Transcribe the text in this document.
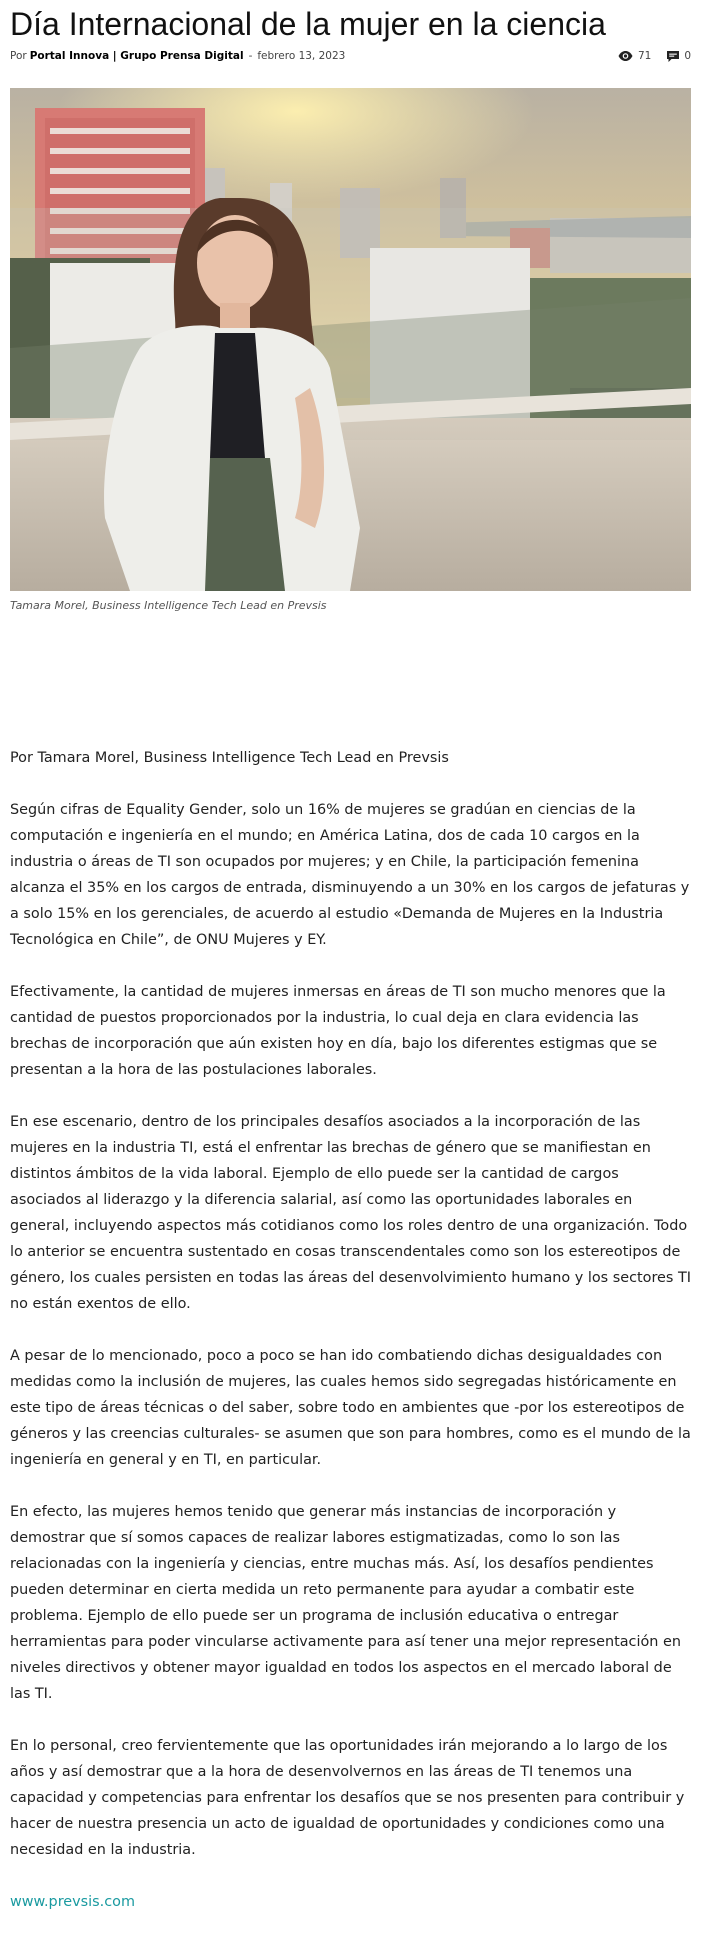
Día Internacional de la mujer en la ciencia
Por Portal Innova | Grupo Prensa Digital - febrero 13, 2023	71	0
Tamara Morel, Business Intelligence Tech Lead en Prevsis

Por Tamara Morel, Business Intelligence Tech Lead en Prevsis

Según cifras de Equality Gender, solo un 16% de mujeres se gradúan en ciencias de la computación e ingeniería en el mundo; en América Latina, dos de cada 10 cargos en la industria o áreas de TI son ocupados por mujeres; y en Chile, la participación femenina alcanza el 35% en los cargos de entrada, disminuyendo a un 30% en los cargos de jefaturas y a solo 15% en los gerenciales, de acuerdo al estudio «Demanda de Mujeres en la Industria Tecnológica en Chile”, de ONU Mujeres y EY.

Efectivamente, la cantidad de mujeres inmersas en áreas de TI son mucho menores que la cantidad de puestos proporcionados por la industria, lo cual deja en clara evidencia las brechas de incorporación que aún existen hoy en día, bajo los diferentes estigmas que se presentan a la hora de las postulaciones laborales.

En ese escenario, dentro de los principales desafíos asociados a la incorporación de las mujeres en la industria TI, está el enfrentar las brechas de género que se manifiestan en distintos ámbitos de la vida laboral. Ejemplo de ello puede ser la cantidad de cargos asociados al liderazgo y la diferencia salarial, así como las oportunidades laborales en general, incluyendo aspectos más cotidianos como los roles dentro de una organización. Todo lo anterior se encuentra sustentado en cosas transcendentales como son los estereotipos de género, los cuales persisten en todas las áreas del desenvolvimiento humano y los sectores TI no están exentos de ello.

A pesar de lo mencionado, poco a poco se han ido combatiendo dichas desigualdades con medidas como la inclusión de mujeres, las cuales hemos sido segregadas históricamente en este tipo de áreas técnicas o del saber, sobre todo en ambientes que -por los estereotipos de géneros y las creencias culturales- se asumen que son para hombres, como es el mundo de la ingeniería en general y en TI, en particular.

En efecto, las mujeres hemos tenido que generar más instancias de incorporación y demostrar que sí somos capaces de realizar labores estigmatizadas, como lo son las relacionadas con la ingeniería y ciencias, entre muchas más. Así, los desafíos pendientes pueden determinar en cierta medida un reto permanente para ayudar a combatir este problema. Ejemplo de ello puede ser un programa de inclusión educativa o entregar herramientas para poder vincularse activamente para así tener una mejor representación en niveles directivos y obtener mayor igualdad en todos los aspectos en el mercado laboral de las TI.

En lo personal, creo fervientemente que las oportunidades irán mejorando a lo largo de los años y así demostrar que a la hora de desenvolvernos en las áreas de TI tenemos una capacidad y competencias para enfrentar los desafíos que se nos presenten para contribuir y hacer de nuestra presencia un acto de igualdad de oportunidades y condiciones como una necesidad en la industria.

www.prevsis.com
